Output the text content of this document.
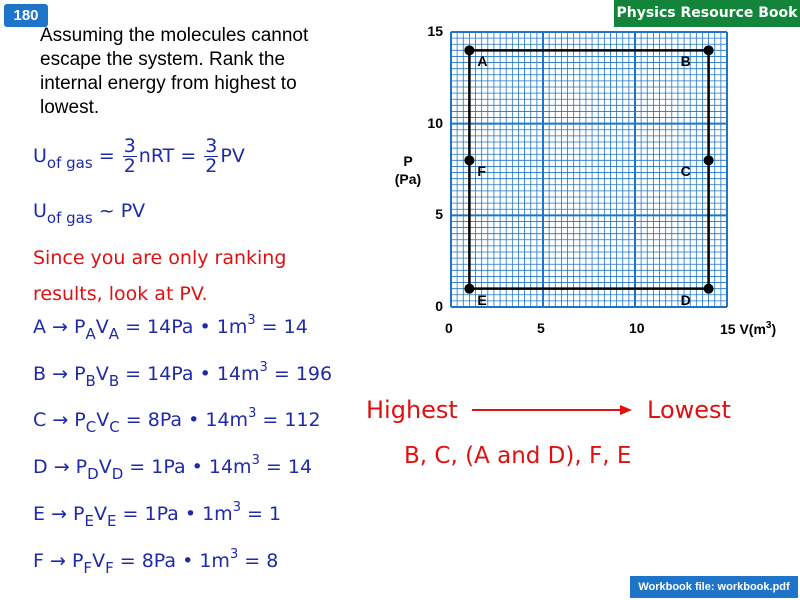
180	Physics Resource Book
Assuming the molecules cannot escape the system. Rank the internal energy from highest to lowest.
$U_{of gas} = \frac{3}{2}$ nRT = $\frac{3}{2}$ PV
$U_{of gas}$ ~ PV
Since you are only ranking results, look at PV.
$A \to P_AV_A = 14Pa$ • $1m^3 = 14$
$B \to P_BV_B = 14Pa$ • $14m^3 = 196$
$C \to P_CV_C = 8Pa$ • $14m^3 = 112$
$D \to P_DV_D = 1Pa$ • $14m^3 = 14$
$E \to P_EV_E = 1Pa$ • $1m^3 = 1$
$F \to P_FV_F = 8Pa$ • $1m^3 = 8$
P
(Pa)
0
5
10
15
0	5	10
A	B
C
D
E
F
15 $V(m^3)$
Highest	Lowest
B, C, (A and D), F, E
Workbook file: workbook.pdf
